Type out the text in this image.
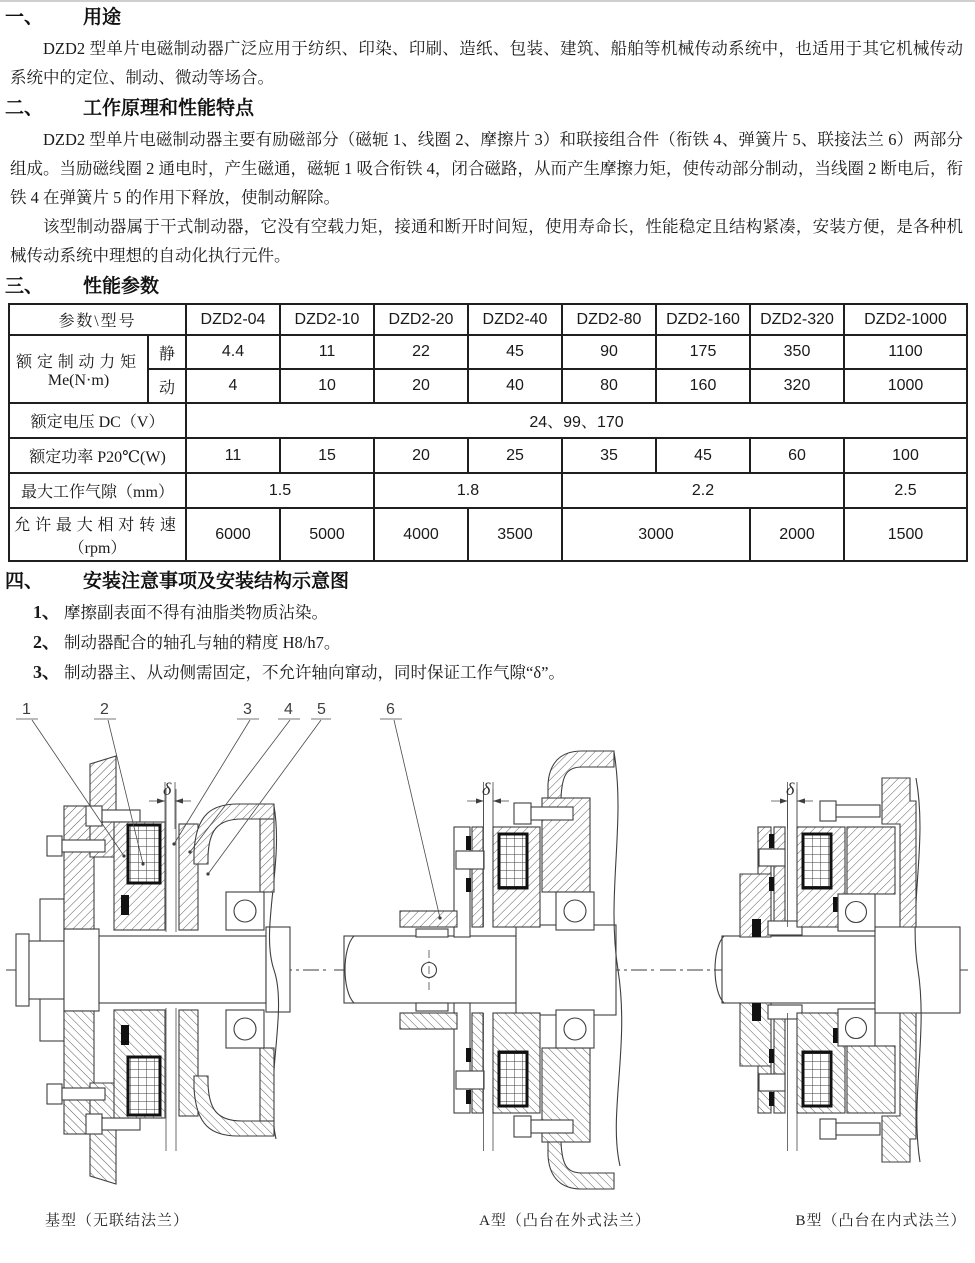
一、	用途

DZD2 型单片电磁制动器广泛应用于纺织、印染、印刷、造纸、包装、建筑、船舶等机械传动系统中，也适用于其它机械传动系统中的定位、制动、微动等场合。

二、	工作原理和性能特点

DZD2 型单片电磁制动器主要有励磁部分（磁轭 1、线圈 2、摩擦片 3）和联接组合件（衔铁 4、弹簧片 5、联接法兰 6）两部分组成。当励磁线圈 2 通电时，产生磁通，磁轭 1 吸合衔铁 4，闭合磁路，从而产生摩擦力矩，使传动部分制动，当线圈 2 断电后，衔铁 4 在弹簧片 5 的作用下释放，使制动解除。

该型制动器属于干式制动器，它没有空载力矩，接通和断开时间短，使用寿命长，性能稳定且结构紧凑，安装方便，是各种机械传动系统中理想的自动化执行元件。

三、	性能参数
参数\型号		DZD2-04	DZD2-10	DZD2-20	DZD2-40	DZD2-80	DZD2-160	DZD2-320	DZD2-1000

额定制动力矩
Me(N·m)	静	4.4	11	22	45	90	175	350	1100
	动	4	10	20	40	80	160	320	1000
额定电压 DC（V）		24、99、170							
额定功率 P20℃(W)		11	15	20	25	35	45	60	100
最大工作气隙（mm）		1.5		1.8		2.2			2.5

允许最大相对转速
（rpm）		6000	5000	4000	3500	3000		2000	1500
四、	安装注意事项及安装结构示意图
1、 摩擦副表面不得有油脂类物质沾染。
2、 制动器配合的轴孔与轴的精度 H8/h7。
3、 制动器主、从动侧需固定，不允许轴向窜动，同时保证工作气隙“δ”。
δ
1	2	3 4 5
δ
6
δ
基型（无联结法兰）	A型（凸台在外式法兰）	B型（凸台在内式法兰）
